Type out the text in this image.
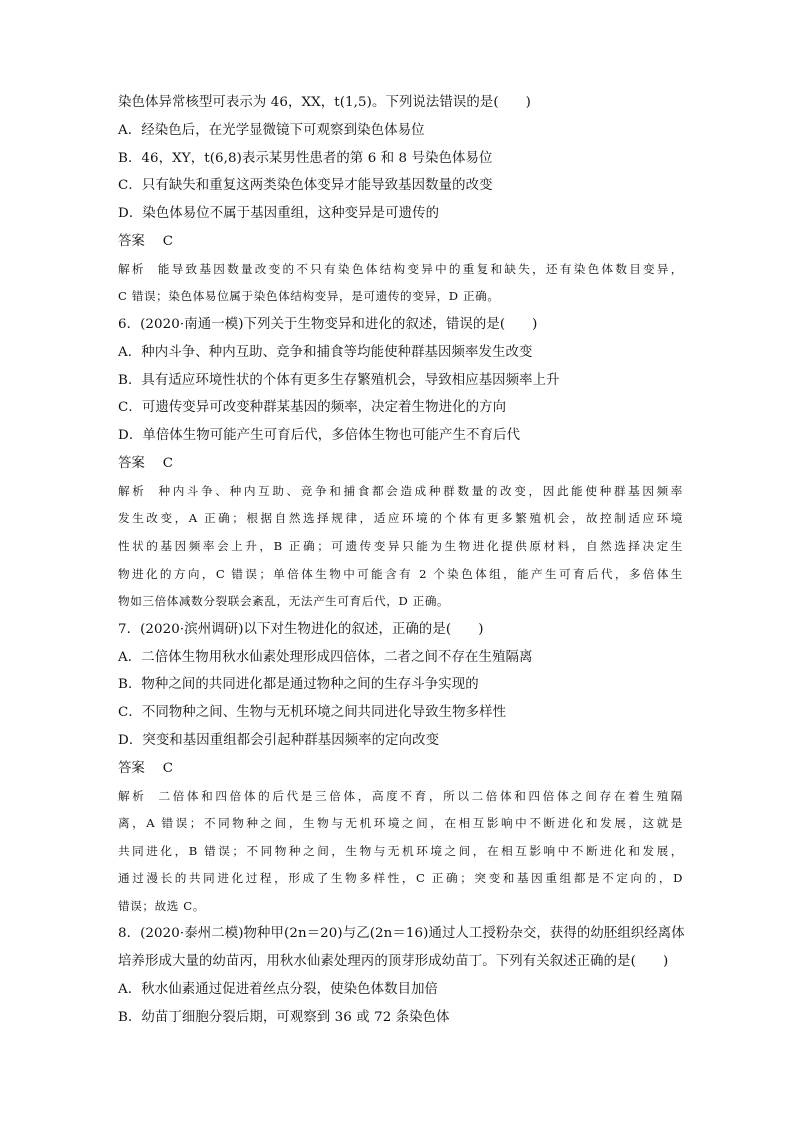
染色体异常核型可表示为 46，XX，t(1,5)。下列说法错误的是(　　)
A．经染色后，在光学显微镜下可观察到染色体易位
B．46，XY，t(6,8)表示某男性患者的第 6 和 8 号染色体易位
C．只有缺失和重复这两类染色体变异才能导致基因数量的改变
D．染色体易位不属于基因重组，这种变异是可遗传的
答案 C
解析 能导致基因数量改变的不只有染色体结构变异中的重复和缺失，还有染色体数目变异，
C 错误；染色体易位属于染色体结构变异，是可遗传的变异，D 正确。
6．(2020·南通一模)下列关于生物变异和进化的叙述，错误的是(　　)
A．种内斗争、种内互助、竞争和捕食等均能使种群基因频率发生改变
B．具有适应环境性状的个体有更多生存繁殖机会，导致相应基因频率上升
C．可遗传变异可改变种群某基因的频率，决定着生物进化的方向
D．单倍体生物可能产生可育后代，多倍体生物也可能产生不育后代
答案 C
解析 种内斗争、种内互助、竞争和捕食都会造成种群数量的改变，因此能使种群基因频率
发生改变，A 正确；根据自然选择规律，适应环境的个体有更多繁殖机会，故控制适应环境
性状的基因频率会上升，B 正确；可遗传变异只能为生物进化提供原材料，自然选择决定生
物进化的方向，C 错误；单倍体生物中可能含有 2 个染色体组，能产生可育后代，多倍体生
物如三倍体减数分裂联会紊乱，无法产生可育后代，D 正确。
7．(2020·滨州调研)以下对生物进化的叙述，正确的是(　　)
A．二倍体生物用秋水仙素处理形成四倍体，二者之间不存在生殖隔离
B．物种之间的共同进化都是通过物种之间的生存斗争实现的
C．不同物种之间、生物与无机环境之间共同进化导致生物多样性
D．突变和基因重组都会引起种群基因频率的定向改变
答案 C
解析 二倍体和四倍体的后代是三倍体，高度不育，所以二倍体和四倍体之间存在着生殖隔
离，A 错误；不同物种之间，生物与无机环境之间，在相互影响中不断进化和发展，这就是
共同进化，B 错误；不同物种之间，生物与无机环境之间，在相互影响中不断进化和发展，
通过漫长的共同进化过程，形成了生物多样性，C 正确；突变和基因重组都是不定向的，D
错误；故选 C。
8．(2020·泰州二模)物种甲(2n＝20)与乙(2n＝16)通过人工授粉杂交，获得的幼胚组织经离体
培养形成大量的幼苗丙，用秋水仙素处理丙的顶芽形成幼苗丁。下列有关叙述正确的是(　　)
A．秋水仙素通过促进着丝点分裂，使染色体数目加倍
B．幼苗丁细胞分裂后期，可观察到 36 或 72 条染色体
